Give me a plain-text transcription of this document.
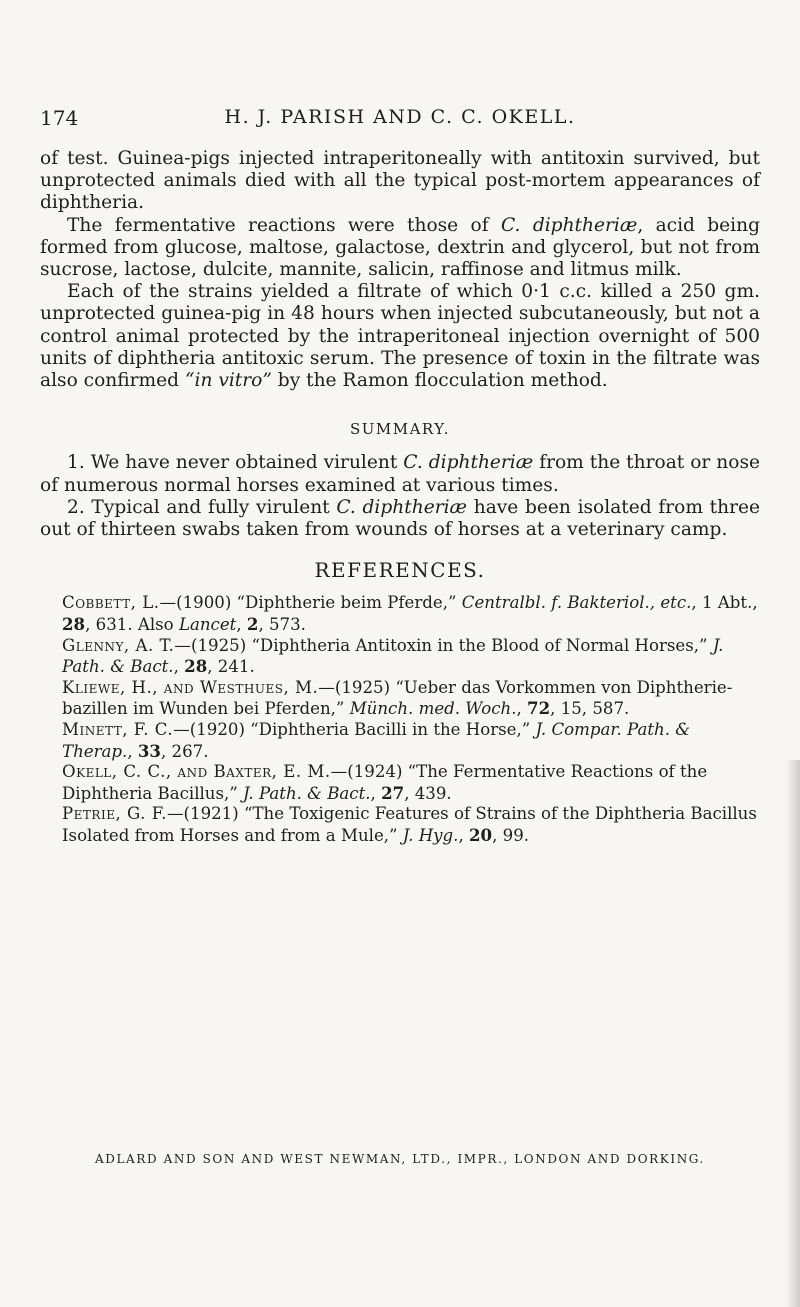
174	H. J. PARISH AND C. C. OKELL.

of test. Guinea-pigs injected intraperitoneally with antitoxin survived, but unprotected animals died with all the typical post-mortem appearances of diphtheria.

The fermentative reactions were those of C. diphtheriæ, acid being formed from glucose, maltose, galactose, dextrin and glycerol, but not from sucrose, lactose, dulcite, mannite, salicin, raffinose and litmus milk.

Each of the strains yielded a filtrate of which 0·1 c.c. killed a 250 gm. unprotected guinea-pig in 48 hours when injected subcutaneously, but not a control animal protected by the intraperitoneal injection overnight of 500 units of diphtheria antitoxic serum. The presence of toxin in the filtrate was also confirmed “in vitro” by the Ramon flocculation method.

SUMMARY.

1. We have never obtained virulent C. diphtheriæ from the throat or nose of numerous normal horses examined at various times.

2. Typical and fully virulent C. diphtheriæ have been isolated from three out of thirteen swabs taken from wounds of horses at a veterinary camp.

REFERENCES.

Cobbett, L.—(1900) “Diphtherie beim Pferde,” Centralbl. f. Bakteriol., etc., 1 Abt., 28, 631. Also Lancet, 2, 573.

Glenny, A. T.—(1925) “Diphtheria Antitoxin in the Blood of Normal Horses,” J. Path. & Bact., 28, 241.

Kliewe, H., and Westhues, M.—(1925) “Ueber das Vorkommen von Diphtherie-bazillen im Wunden bei Pferden,” Münch. med. Woch., 72, 15, 587.

Minett, F. C.—(1920) “Diphtheria Bacilli in the Horse,” J. Compar. Path. & Therap., 33, 267.

Okell, C. C., and Baxter, E. M.—(1924) “The Fermentative Reactions of the Diphtheria Bacillus,” J. Path. & Bact., 27, 439.

Petrie, G. F.—(1921) “The Toxigenic Features of Strains of the Diphtheria Bacillus Isolated from Horses and from a Mule,” J. Hyg., 20, 99.

ADLARD AND SON AND WEST NEWMAN, LTD., IMPR., LONDON AND DORKING.
